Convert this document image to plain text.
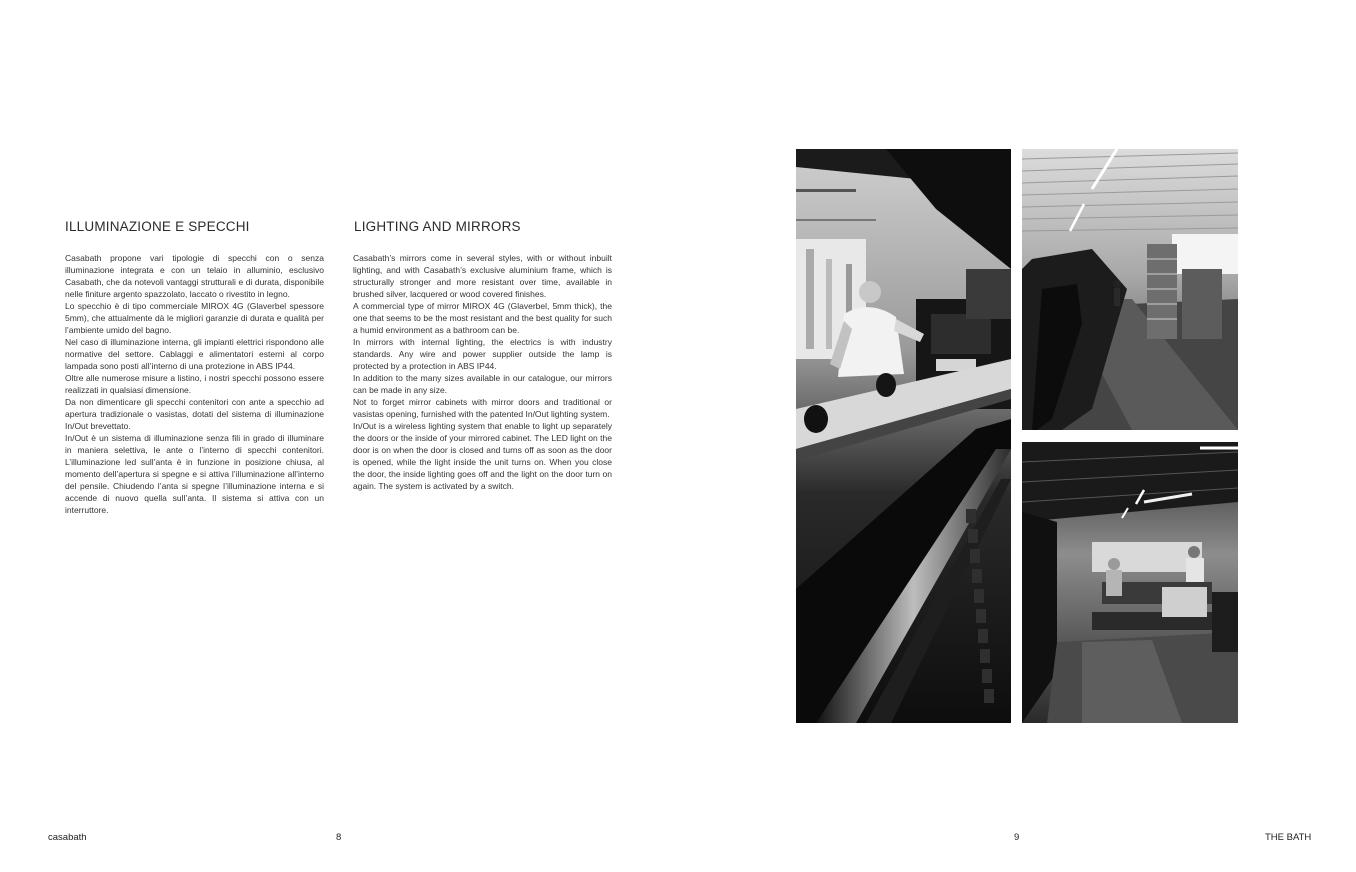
ILLUMINAZIONE E SPECCHI	LIGHTING AND MIRRORS

Casabath propone vari tipologie di specchi con o senza illuminazione integrata e con un telaio in alluminio, esclusivo Casabath, che da notevoli vantaggi strutturali e di durata, disponibile nelle finiture argento spazzolato, laccato o rivestito in legno.

Lo specchio è di tipo commerciale MIROX 4G (Glaverbel spessore 5mm), che attualmente dà le migliori garanzie di durata e qualità per l’ambiente umido del bagno.

Nel caso di illuminazione interna, gli impianti elettrici rispondono alle normative del settore. Cablaggi e alimentatori esterni al corpo lampada sono posti all’interno di una protezione in ABS IP44.

Oltre alle numerose misure a listino, i nostri specchi possono essere realizzati in qualsiasi dimensione.

Da non dimenticare gli specchi contenitori con ante a specchio ad apertura tradizionale o vasistas, dotati del sistema di illuminazione In/Out brevettato.

In/Out è un sistema di illuminazione senza fili in grado di illuminare in maniera selettiva, le ante o l’interno di specchi contenitori. L’illuminazione led sull’anta è in funzione in posizione chiusa, al momento dell’apertura si spegne e si attiva l’illuminazione all’interno del pensile. Chiudendo l’anta si spegne l’illuminazione interna e si accende di nuovo quella sull’anta. Il sistema si attiva con un interruttore.

Casabath’s mirrors come in several styles, with or without inbuilt lighting, and with Casabath’s exclusive aluminium frame, which is structurally stronger and more resistant over time, available in brushed silver, lacquered or wood covered finishes.

A commercial type of mirror MIROX 4G (Glaverbel, 5mm thick), the one that seems to be the most resistant and the best quality for such a humid environment as a bathroom can be.

In mirrors with internal lighting, the electrics is with industry standards. Any wire and power supplier outside the lamp is protected by a protection in ABS IP44.

In addition to the many sizes available in our catalogue, our mirrors can be made in any size.

Not to forget mirror cabinets with mirror doors and traditional or vasistas opening, furnished with the patented In/Out lighting system.

In/Out is a wireless lighting system that enable to light up separately the doors or the inside of your mirrored cabinet. The LED light on the door is on when the door is closed and turns off as soon as the door is opened, while the light inside the unit turns on. When you close the door, the inside lighting goes off and the light on the door turn on again. The system is activated by a switch.

casabath	8	9	THE BATH
